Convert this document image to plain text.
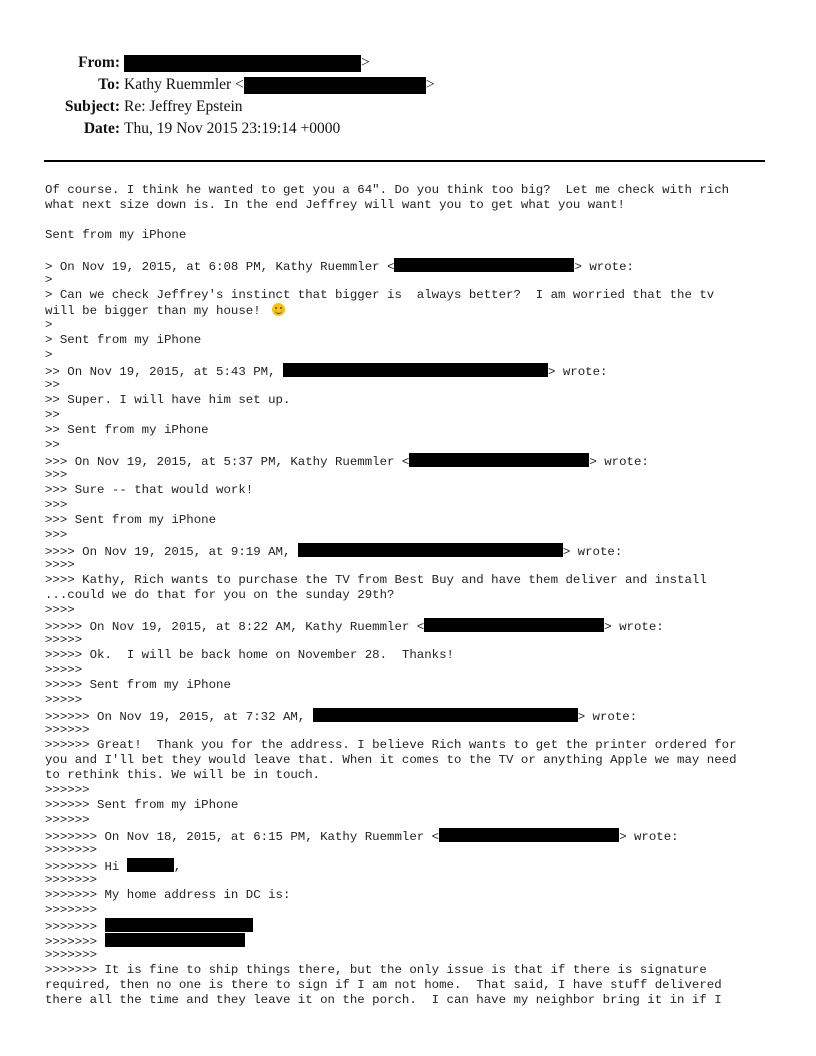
From:	>
To: Kathy Ruemmler <	>
Subject: Re: Jeffrey Epstein
Date: Thu, 19 Nov 2015 23:19:14 +0000
Of course. I think he wanted to get you a 64". Do you think too big?  Let me check with rich
what next size down is. In the end Jeffrey will want you to get what you want!
Sent from my iPhone
> On Nov 19, 2015, at 6:08 PM, Kathy Ruemmler <	> wrote:
>
> Can we check Jeffrey's instinct that bigger is  always better?  I am worried that the tv
will be bigger than my house!
>
> Sent from my iPhone
>
>> On Nov 19, 2015, at 5:43 PM,	> wrote:
>>
>> Super. I will have him set up.
>>
>> Sent from my iPhone
>>
>>> On Nov 19, 2015, at 5:37 PM, Kathy Ruemmler <	> wrote:
>>>
>>> Sure -- that would work!
>>>
>>> Sent from my iPhone
>>>
>>>> On Nov 19, 2015, at 9:19 AM,	> wrote:
>>>>
>>>> Kathy, Rich wants to purchase the TV from Best Buy and have them deliver and install
...could we do that for you on the sunday 29th?
>>>>
>>>>> On Nov 19, 2015, at 8:22 AM, Kathy Ruemmler <	> wrote:
>>>>>
>>>>> Ok.  I will be back home on November 28.  Thanks!
>>>>>
>>>>> Sent from my iPhone
>>>>>
>>>>>> On Nov 19, 2015, at 7:32 AM,	> wrote:
>>>>>>
>>>>>> Great!  Thank you for the address. I believe Rich wants to get the printer ordered for
you and I'll bet they would leave that. When it comes to the TV or anything Apple we may need
to rethink this. We will be in touch.
>>>>>>
>>>>>> Sent from my iPhone
>>>>>>
>>>>>>> On Nov 18, 2015, at 6:15 PM, Kathy Ruemmler <	> wrote:
>>>>>>>
>>>>>>> Hi	,
>>>>>>>
>>>>>>> My home address in DC is:
>>>>>>>
>>>>>>>
>>>>>>>
>>>>>>>
>>>>>>> It is fine to ship things there, but the only issue is that if there is signature
required, then no one is there to sign if I am not home.  That said, I have stuff delivered
there all the time and they leave it on the porch.  I can have my neighbor bring it in if I
